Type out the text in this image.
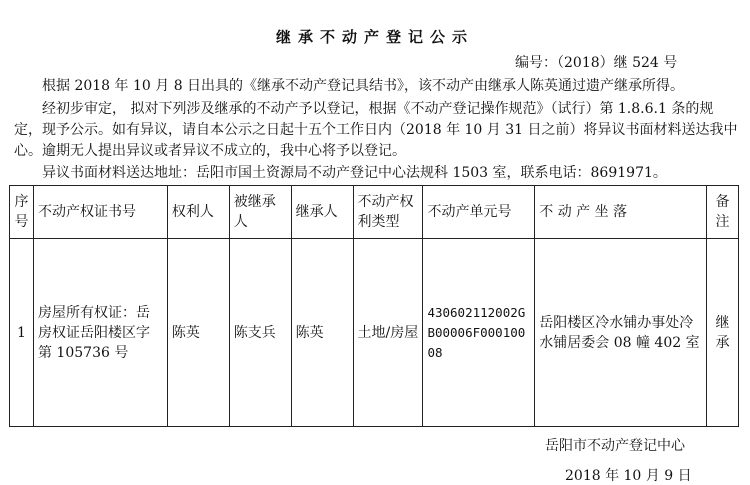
继承不动产登记公示
编号：（2018）继 524 号

根据 2018 年 10 月 8 日出具的《继承不动产登记具结书》，该不动产由继承人陈英通过遗产继承所得。

经初步审定， 拟对下列涉及继承的不动产予以登记，根据《不动产登记操作规范》（试行）第 1.8.6.1 条的规定，现予公示。如有异议，请自本公示之日起十五个工作日内（2018 年 10 月 31 日之前）将异议书面材料送达我中心。逾期无人提出异议或者异议不成立的，我中心将予以登记。

异议书面材料送达地址：岳阳市国土资源局不动产登记中心法规科 1503 室，联系电话：8691971。

序号	不动产权证书号	权利人	被继承人	继承人	不动产权利类型	不动产单元号	不 动 产 坐 落	备注
1	房屋所有权证：岳房权证岳阳楼区字第 105736 号	陈英	陈支兵	陈英	土地/房屋	430602112002GB00006F00010008	岳阳楼区冷水铺办事处冷水铺居委会 08 幢 402 室	继承
岳阳市不动产登记中心
2018 年 10 月 9 日
